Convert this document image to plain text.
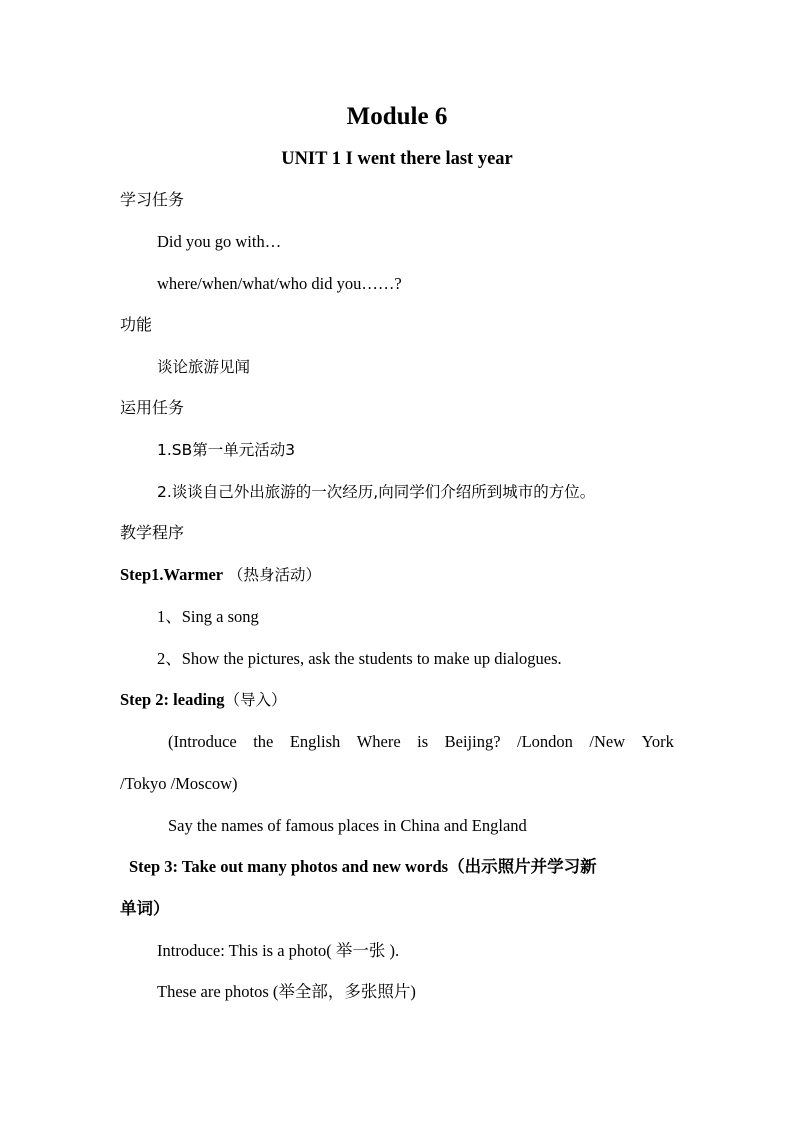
Module 6
UNIT 1 I went there last year
学习任务
Did you go with…
where/when/what/who did you……?
功能
谈论旅游见闻
运用任务
1.SB第一单元活动3
2.谈谈自己外出旅游的一次经历,向同学们介绍所到城市的方位。
教学程序
Step1.Warmer （热身活动）
1、Sing a song
2、Show the pictures, ask the students to make up dialogues.
Step 2: leading（导入）
(Introduce the English Where is Beijing? /London /New York
/Tokyo /Moscow)
Say the names of famous places in China and England
Step 3: Take out many photos and new words（出示照片并学习新
单词）
Introduce: This is a photo( 举一张 ).
These are photos (举全部，多张照片)
